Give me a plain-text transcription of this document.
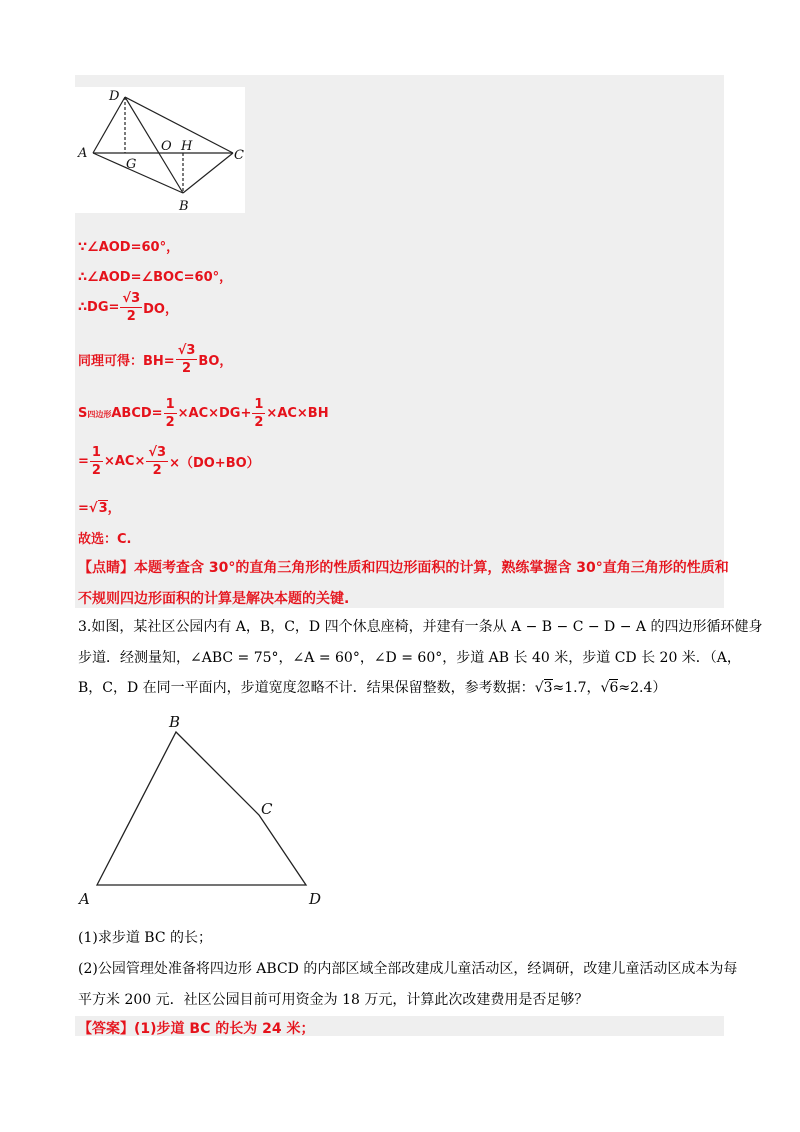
D
A
G
O H
C
B
∵∠AOD=60°，
∴∠AOD=∠BOC=60°，
∴DG= $\frac{√3}{2}$ DO，
同理可得：$BH= \frac{√3}{2}$ BO，
S四边形ABCD= $\frac{1}{2} \times AC\times DG+ \frac{1}{2} \times AC\times BH$
= $\frac{1}{2} \times AC\times \frac{√3}{2} \times(DO+BO)$
=√3，
故选：C.
【点睛】本题考查含 30°的直角三角形的性质和四边形面积的计算，熟练掌握含 30°直角三角形的性质和
不规则四边形面积的计算是解决本题的关键.
3.如图，某社区公园内有 A，B，C，D 四个休息座椅，并建有一条从 A − B − C − D − A 的四边形循环健身
步道．经测量知，∠ABC = 75°，∠A = 60°，∠D = 60°，步道 AB 长 40 米，步道 CD 长 20 米．（A，
B，C，D 在同一平面内，步道宽度忽略不计．结果保留整数，参考数据：√3≈1.7，√6≈2.4）
A
B
C
D
(1)求步道 BC 的长；
(2)公园管理处准备将四边形 ABCD 的内部区域全部改建成儿童活动区，经调研，改建儿童活动区成本为每
平方米 200 元．社区公园目前可用资金为 18 万元，计算此次改建费用是否足够？
【答案】(1)步道 BC 的长为 24 米；
